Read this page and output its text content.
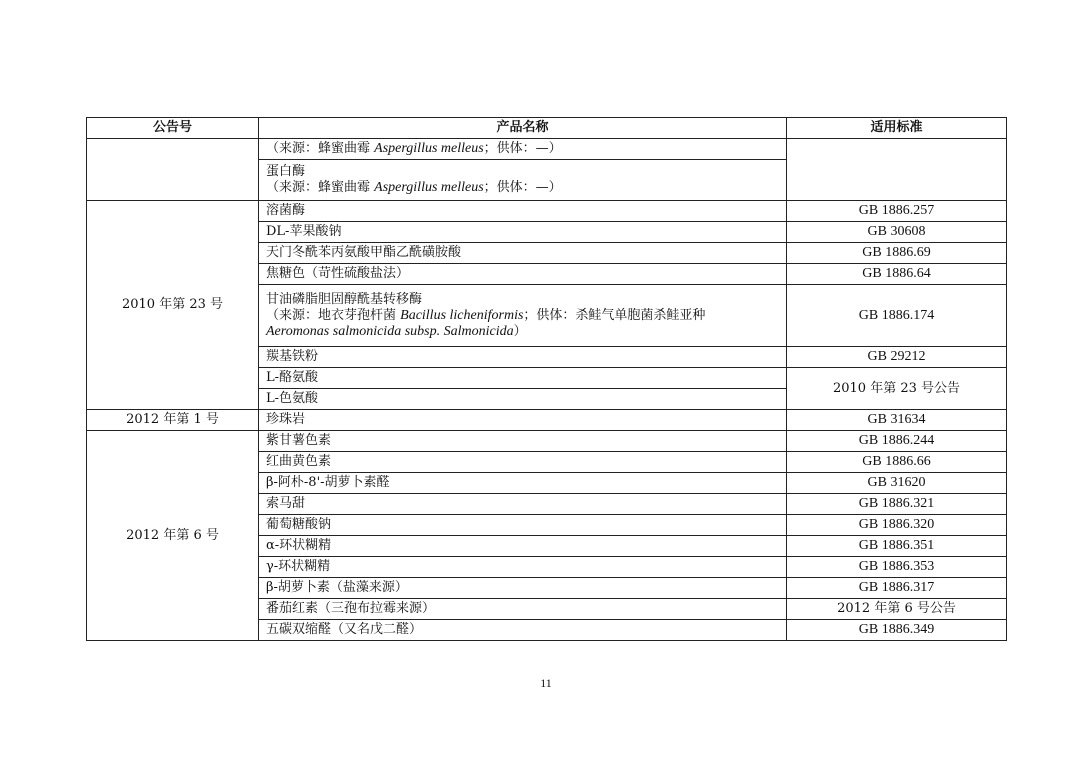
公告号	产品名称	适用标准
	（来源：蜂蜜曲霉 Aspergillus melleus；供体：—）	

	蛋白酶
（来源：蜂蜜曲霉 Aspergillus melleus；供体：—）	

2010 年第 23 号	溶菌酶	GB 1886.257
	DL-苹果酸钠	GB 30608
	天门冬酰苯丙氨酸甲酯乙酰磺胺酸	GB 1886.69
	焦糖色（苛性硫酸盐法）	GB 1886.64

	甘油磷脂胆固醇酰基转移酶
（来源：地衣芽孢杆菌 Bacillus licheniformis；供体：杀鲑气单胞菌杀鲑亚种
Aeromonas salmonicida subsp. Salmonicida）	GB 1886.174
	羰基铁粉	GB 29212
	L-酪氨酸	2010 年第 23 号公告
	L-色氨酸	
2012 年第 1 号	珍珠岩	GB 31634
2012 年第 6 号	紫甘薯色素	GB 1886.244
	红曲黄色素	GB 1886.66
	β-阿朴-8'-胡萝卜素醛	GB 31620
	索马甜	GB 1886.321
	葡萄糖酸钠	GB 1886.320
	α-环状糊精	GB 1886.351
	γ-环状糊精	GB 1886.353
	β-胡萝卜素（盐藻来源）	GB 1886.317
	番茄红素（三孢布拉霉来源）	2012 年第 6 号公告
	五碳双缩醛（又名戊二醛）	GB 1886.349
11
